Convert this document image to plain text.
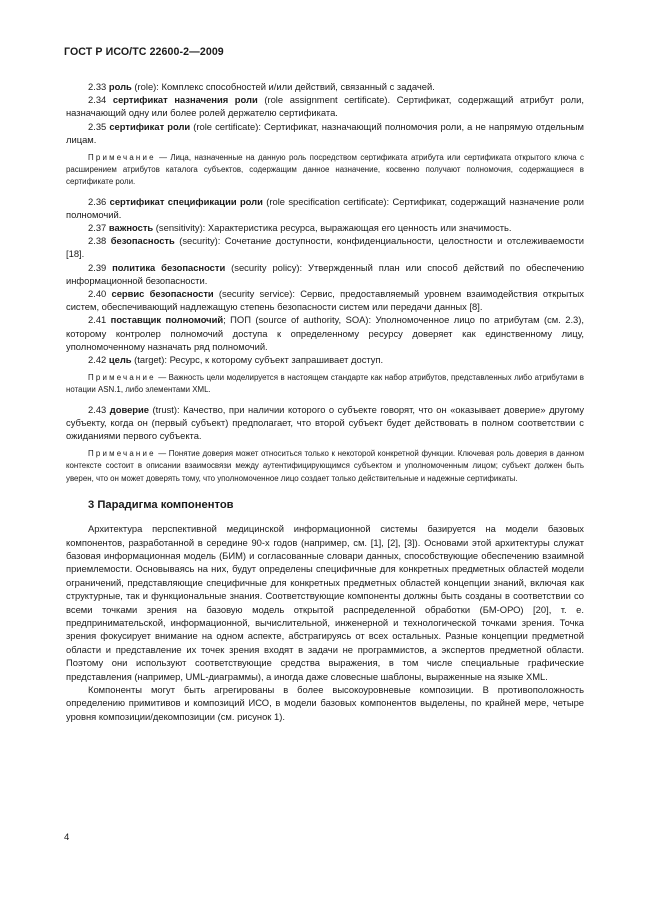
ГОСТ Р ИСО/ТС 22600-2—2009

2.33 роль (role): Комплекс способностей и/или действий, связанный с задачей.

2.34 сертификат назначения роли (role assignment certificate). Сертификат, содержащий атрибут роли, назначающий одну или более ролей держателю сертификата.

2.35 сертификат роли (role certificate): Сертификат, назначающий полномочия роли, а не напрямую отдельным лицам.

Примечание — Лица, назначенные на данную роль посредством сертификата атрибута или сертификата открытого ключа с расширением атрибутов каталога субъектов, содержащим данное назначение, косвенно получают полномочия, содержащиеся в сертификате роли.

2.36 сертификат спецификации роли (role specification certificate): Сертификат, содержащий назначение роли полномочий.

2.37 важность (sensitivity): Характеристика ресурса, выражающая его ценность или значимость.

2.38 безопасность (security): Сочетание доступности, конфиденциальности, целостности и отслеживаемости [18].

2.39 политика безопасности (security policy): Утвержденный план или способ действий по обеспечению информационной безопасности.

2.40 сервис безопасности (security service): Сервис, предоставляемый уровнем взаимодействия открытых систем, обеспечивающий надлежащую степень безопасности систем или передачи данных [8].

2.41 поставщик полномочий; ПОП (source of authority, SOA): Уполномоченное лицо по атрибутам (см. 2.3), которому контролер полномочий доступа к определенному ресурсу доверяет как единственному лицу, уполномоченному назначать ряд полномочий.

2.42 цель (target): Ресурс, к которому субъект запрашивает доступ.

Примечание — Важность цели моделируется в настоящем стандарте как набор атрибутов, представленных либо атрибутами в нотации ASN.1, либо элементами XML.

2.43 доверие (trust): Качество, при наличии которого о субъекте говорят, что он «оказывает доверие» другому субъекту, когда он (первый субъект) предполагает, что второй субъект будет действовать в полном соответствии с ожиданиями первого субъекта.

Примечание — Понятие доверия может относиться только к некоторой конкретной функции. Ключевая роль доверия в данном контексте состоит в описании взаимосвязи между аутентифицирующимся субъектом и уполномоченным лицом; субъект должен быть уверен, что он может доверять тому, что уполномоченное лицо создает только действительные и надежные сертификаты.

3 Парадигма компонентов

Архитектура перспективной медицинской информационной системы базируется на модели базовых компонентов, разработанной в середине 90-х годов (например, см. [1], [2], [3]). Основами этой архитектуры служат базовая информационная модель (БИМ) и согласованные словари данных, способствующие обеспечению взаимной приемлемости. Основываясь на них, будут определены специфичные для конкретных предметных областей модели ограничений, представляющие специфичные для конкретных предметных областей концепции знаний, включая как структурные, так и функциональные знания. Соответствующие компоненты должны быть созданы в соответствии со всеми точками зрения на базовую модель открытой распределенной обработки (БМ-ОРО) [20], т. е. предпринимательской, информационной, вычислительной, инженерной и технологической точками зрения. Точка зрения фокусирует внимание на одном аспекте, абстрагируясь от всех остальных. Разные концепции предметной области и представление их точек зрения входят в задачи не программистов, а экспертов предметной области. Поэтому они используют соответствующие средства выражения, в том числе специальные графические представления (например, UML-диаграммы), а иногда даже словесные шаблоны, выраженные на языке XML.

Компоненты могут быть агрегированы в более высокоуровневые композиции. В противоположность определению примитивов и композиций ИСО, в модели базовых компонентов выделены, по крайней мере, четыре уровня композиции/декомпозиции (см. рисунок 1).

4
